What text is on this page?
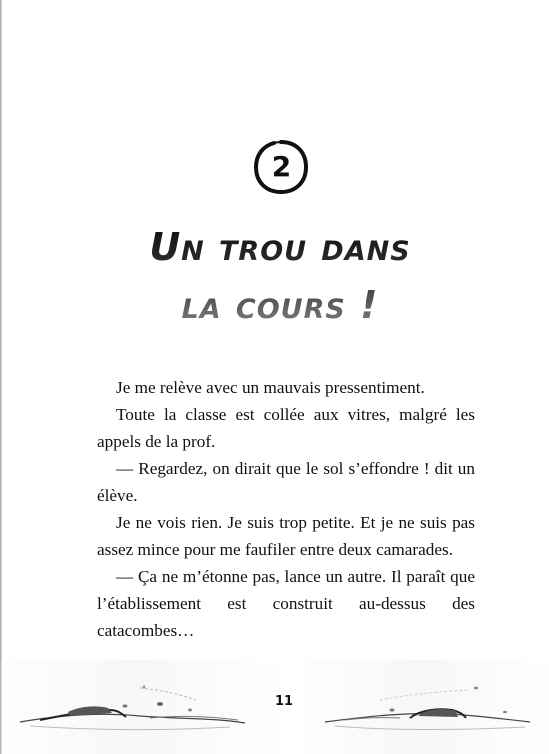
2
Un trou dans
la cours !

Je me relève avec un mauvais pressentiment.

Toute la classe est collée aux vitres, malgré les appels de la prof.

— Regardez, on dirait que le sol s’effondre ! dit un élève.

Je ne vois rien. Je suis trop petite. Et je ne suis pas assez mince pour me faufiler entre deux camarades.

— Ça ne m’étonne pas, lance un autre. Il paraît que l’établissement est construit au-dessus des catacombes…

11
